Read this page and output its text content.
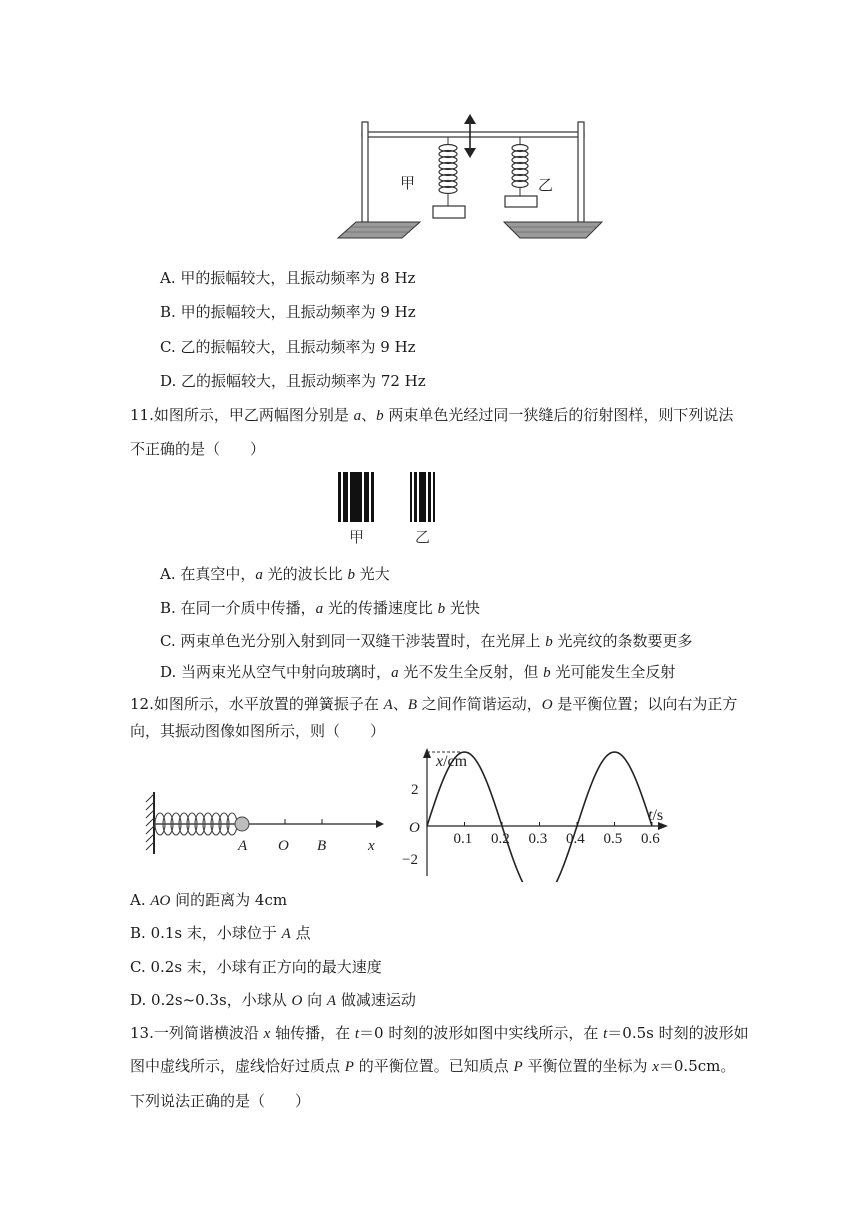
甲	乙
A. 甲的振幅较大，且振动频率为 8 Hz
B. 甲的振幅较大，且振动频率为 9 Hz
C. 乙的振幅较大，且振动频率为 9 Hz
D. 乙的振幅较大，且振动频率为 72 Hz
11.如图所示，甲乙两幅图分别是 a、b 两束单色光经过同一狭缝后的衍射图样，则下列说法
不正确的是（　　）
甲	乙
A. 在真空中，a 光的波长比 b 光大
B. 在同一介质中传播，a 光的传播速度比 b 光快
C. 两束单色光分别入射到同一双缝干涉装置时，在光屏上 b 光亮纹的条数要更多
D. 当两束光从空气中射向玻璃时，a 光不发生全反射，但 b 光可能发生全反射
12.如图所示，水平放置的弹簧振子在 A、B 之间作简谐运动，O 是平衡位置；以向右为正方
向，其振动图像如图所示，则（　　）
A O B	x	0.1 0.2 0.3 0.4 0.5 0.6
x/cm
t/s
2
−2
O
A. AO 间的距离为 4cm
B. 0.1s 末，小球位于 A 点
C. 0.2s 末，小球有正方向的最大速度
D. 0.2s~0.3s，小球从 O 向 A 做减速运动
13.一列简谐横波沿 x 轴传播，在 t＝0 时刻的波形如图中实线所示，在 t＝0.5s 时刻的波形如
图中虚线所示，虚线恰好过质点 P 的平衡位置。已知质点 P 平衡位置的坐标为 x＝0.5cm。
下列说法正确的是（　　）
